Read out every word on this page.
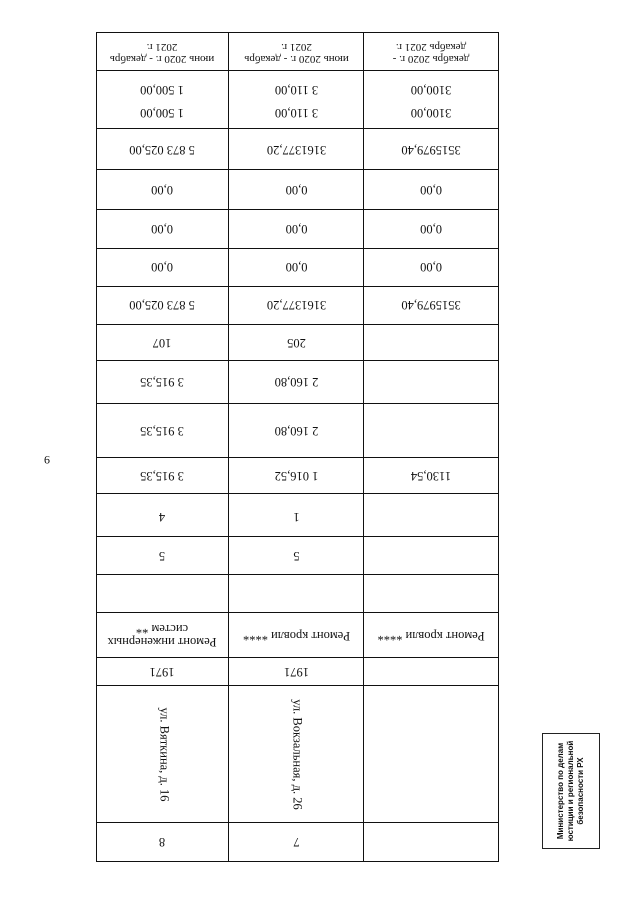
9
Министерство по делам юстиции и региональной безопасности РХ
8
ул. Вяткина, д. 16
1971
Ремонт инженерных систем **
5
4
3 915,35
3 915,35
3 915,35
107
5 873 025,00
0,00
0,00
0,00
5 873 025,00
1 500,00
1 500,00
7
ул. Вокзальная, д. 26
1971
Ремонт кровли ****
5
1
1 016,52
2 160,80
2 160,80
205
3161377,20
0,00
0,00
0,00
3161377,20
3 110,00
3 110,00
Ремонт кровли ****
1130,54
3515979,40
0,00
0,00
0,00
3515979,40
3100,00
3100,00
июнь 2020 г. - декабрь 2021 г.
июнь 2020 г. - декабрь 2021 г.
декабрь 2020 г. - декабрь 2021 г.
